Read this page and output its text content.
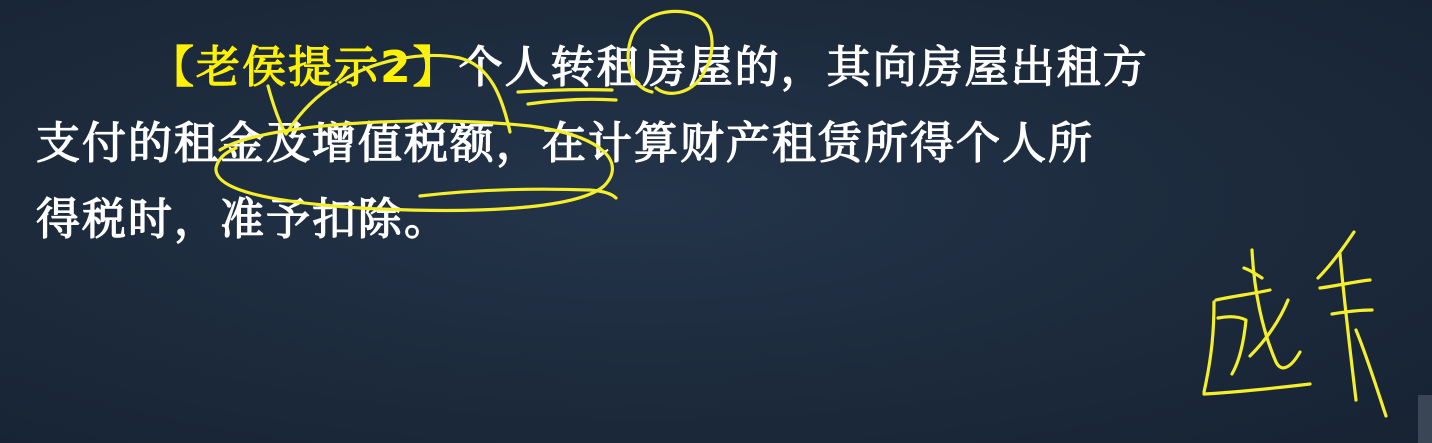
【老侯提示2】个人转租房屋的，其向房屋出租方
支付的租金及增值税额，在计算财产租赁所得个人所
得税时，准予扣除。
成本
